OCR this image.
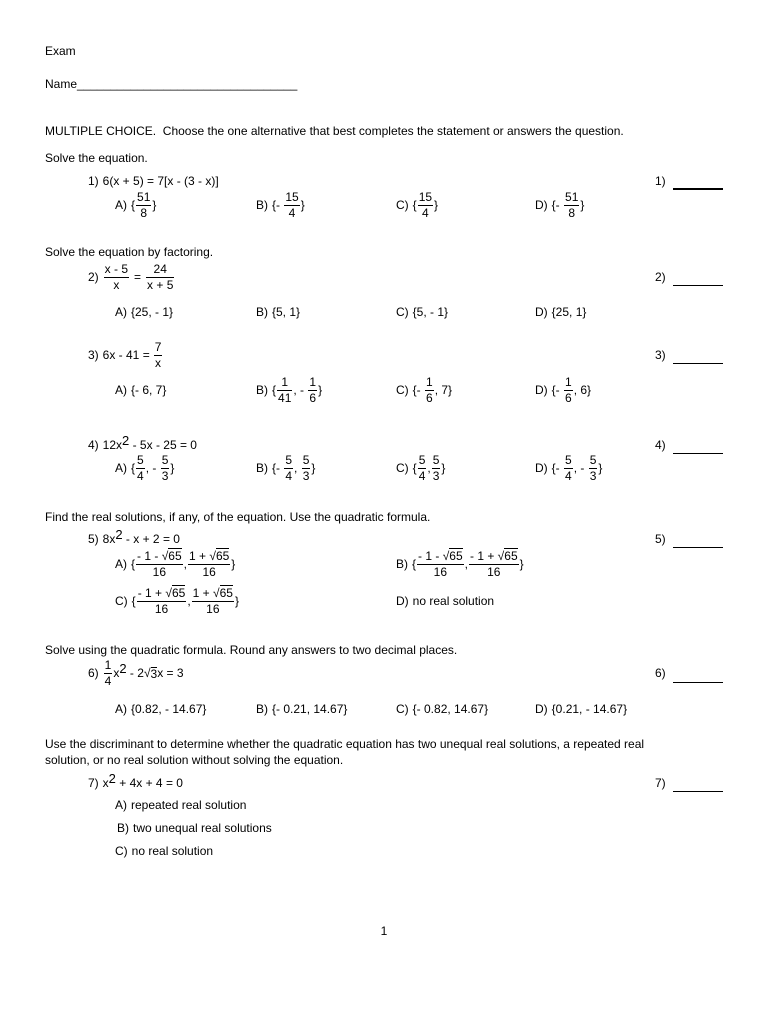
Exam
Name_________________________________
MULTIPLE CHOICE.  Choose the one alternative that best completes the statement or answers the question.
Solve the equation.
1) 6(x + 5) = 7[x - (3 - x)]	1)
A) { $\frac{51}{8}$ }	B) {- $\frac{15}{4}$ }	C) { $\frac{15}{4}$ }	D) {- $\frac{51}{8}$ }
Solve the equation by factoring.
$2) \frac{x - 5}{x} = \frac{24}{x + 5}$	2)
A) {25, - 1}	B) {5, 1}	C) {5, - 1}	D) {25, 1}
3) $6x - 41 = \frac{7}{x}$	3)
A) {- 6, 7}	B) { $\frac{1}{41}$ , - $\frac{1}{6}$ }	C) {- $\frac{1}{6}$ , 7}	D) {- $\frac{1}{6}$ , 6}
4) 12x 2 - 5x - 25 = 0	4)
A) { $\frac{5}{4}$ , - $\frac{5}{3}$ }	B) {- $\frac{5}{4}$ , $\frac{5}{3}$ }	C) { $\frac{5}{4}$ , $\frac{5}{3}$ }	D) {- $\frac{5}{4}$ , - $\frac{5}{3}$ }
Find the real solutions, if any, of the equation. Use the quadratic formula.
5) 8x 2 - x + 2 = 0	5)
A) { $\frac{- 1 - √65}{16}$ , $\frac{1 + √65}{16}$ }	B) { $\frac{- 1 - √65}{16}$ , $\frac{- 1 + √65}{16}$ }
C) { $\frac{- 1 + √65}{16}$ , $\frac{1 + √65}{16}$ }	D) no real solution
Solve using the quadratic formula. Round any answers to two decimal places.
$6) \frac{1}{4}$ x 2 - 2 √ 3 x = 3	6)
A) {0.82, - 14.67}	B) {- 0.21, 14.67}	C) {- 0.82, 14.67}	D) {0.21, - 14.67}
Use the discriminant to determine whether the quadratic equation has two unequal real solutions, a repeated real
solution, or no real solution without solving the equation.
7) x 2 + 4x + 4 = 0	7)
A) repeated real solution
B) two unequal real solutions
C) no real solution
1
